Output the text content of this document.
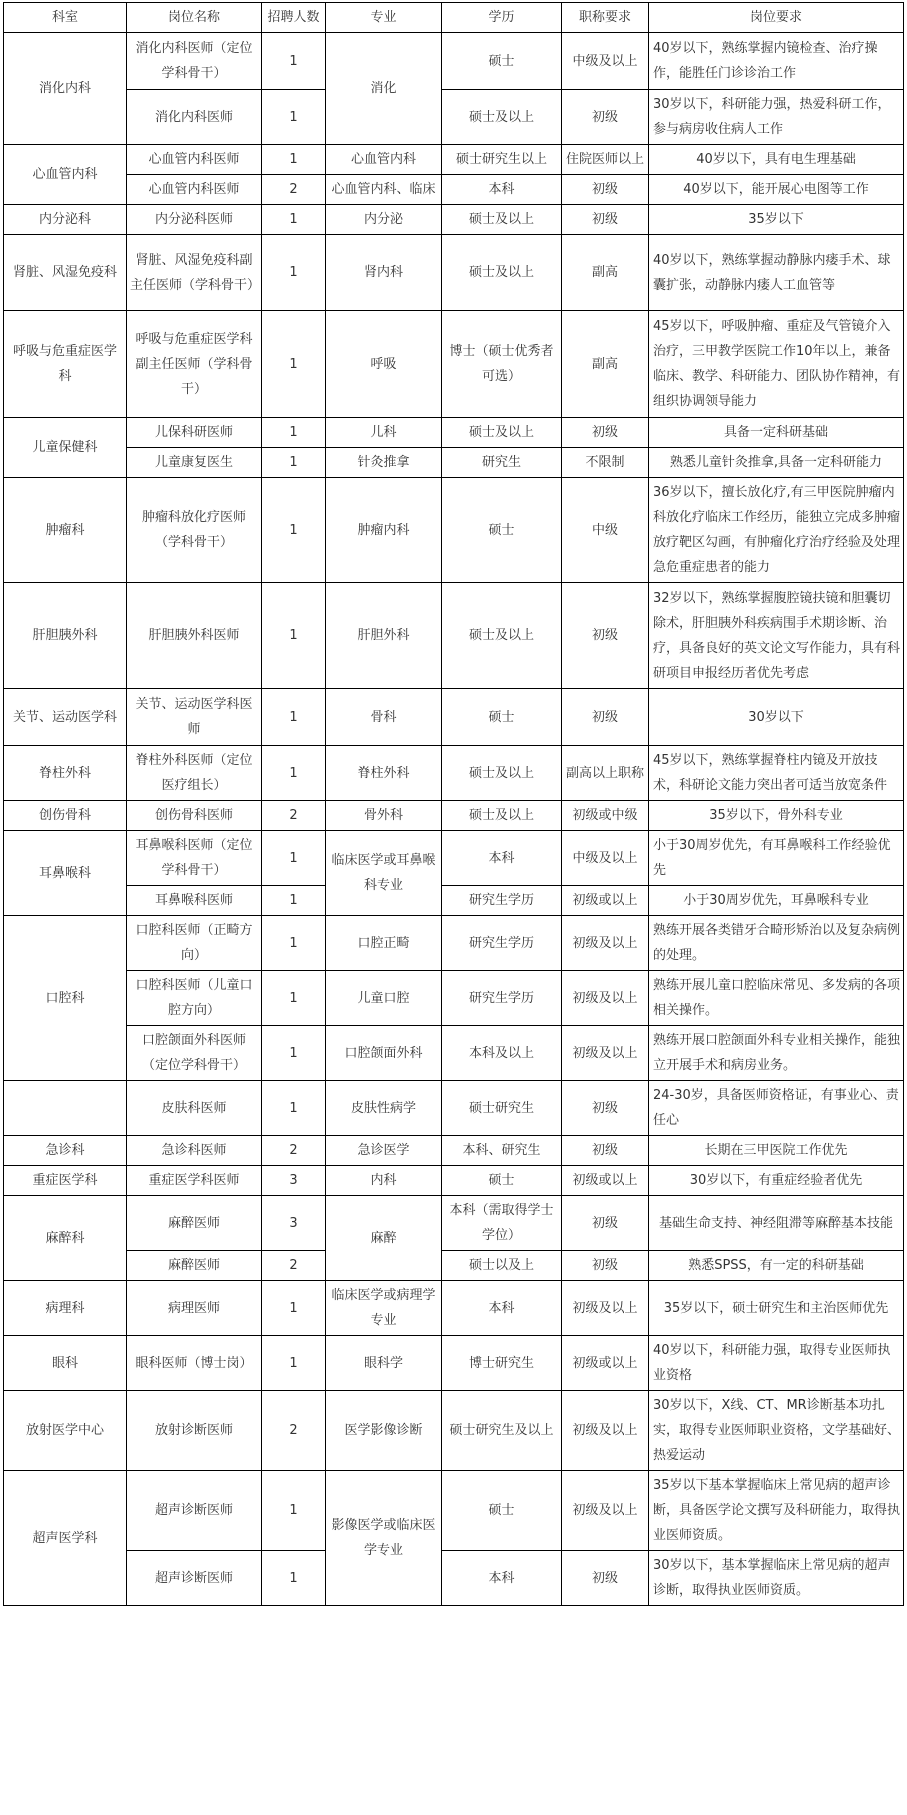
科室	岗位名称	招聘人数	专业	学历	职称要求	岗位要求
消化内科	消化内科医师（定位学科骨干）	1	消化	硕士	中级及以上	40岁以下，熟练掌握内镜检查、治疗操作，能胜任门诊诊治工作
	消化内科医师	1		硕士及以上	初级	30岁以下，科研能力强，热爱科研工作，参与病房收住病人工作
心血管内科	心血管内科医师	1	心血管内科	硕士研究生以上	住院医师以上	40岁以下，具有电生理基础
	心血管内科医师	2	心血管内科、临床	本科	初级	40岁以下，能开展心电图等工作
内分泌科	内分泌科医师	1	内分泌	硕士及以上	初级	35岁以下
肾脏、风湿免疫科	肾脏、风湿免疫科副主任医师（学科骨干）	1	肾内科	硕士及以上	副高	40岁以下，熟练掌握动静脉内瘘手术、球囊扩张，动静脉内瘘人工血管等
呼吸与危重症医学科	呼吸与危重症医学科副主任医师（学科骨干）	1	呼吸	博士（硕士优秀者可选）	副高	45岁以下，呼吸肿瘤、重症及气管镜介入治疗，三甲教学医院工作10年以上，兼备临床、教学、科研能力、团队协作精神，有组织协调领导能力
儿童保健科	儿保科研医师	1	儿科	硕士及以上	初级	具备一定科研基础
	儿童康复医生	1	针灸推拿	研究生	不限制	熟悉儿童针灸推拿,具备一定科研能力
肿瘤科	肿瘤科放化疗医师（学科骨干）	1	肿瘤内科	硕士	中级	36岁以下，擅长放化疗,有三甲医院肿瘤内科放化疗临床工作经历，能独立完成多肿瘤放疗靶区勾画，有肿瘤化疗治疗经验及处理急危重症患者的能力
肝胆胰外科	肝胆胰外科医师	1	肝胆外科	硕士及以上	初级	32岁以下，熟练掌握腹腔镜扶镜和胆囊切除术，肝胆胰外科疾病围手术期诊断、治疗，具备良好的英文论文写作能力，具有科研项目申报经历者优先考虑
关节、运动医学科	关节、运动医学科医师	1	骨科	硕士	初级	30岁以下
脊柱外科	脊柱外科医师（定位医疗组长）	1	脊柱外科	硕士及以上	副高以上职称	45岁以下，熟练掌握脊柱内镜及开放技术，科研论文能力突出者可适当放宽条件
创伤骨科	创伤骨科医师	2	骨外科	硕士及以上	初级或中级	35岁以下，骨外科专业
耳鼻喉科	耳鼻喉科医师（定位学科骨干）	1	临床医学或耳鼻喉科专业	本科	中级及以上	小于30周岁优先，有耳鼻喉科工作经验优先
	耳鼻喉科医师	1		研究生学历	初级或以上	小于30周岁优先，耳鼻喉科专业
口腔科	口腔科医师（正畸方向）	1	口腔正畸	研究生学历	初级及以上	熟练开展各类错牙合畸形矫治以及复杂病例的处理。
	口腔科医师（儿童口腔方向）	1	儿童口腔	研究生学历	初级及以上	熟练开展儿童口腔临床常见、多发病的各项相关操作。
	口腔颌面外科医师（定位学科骨干）	1	口腔颌面外科	本科及以上	初级及以上	熟练开展口腔颌面外科专业相关操作，能独立开展手术和病房业务。
	皮肤科医师	1	皮肤性病学	硕士研究生	初级	24-30岁，具备医师资格证，有事业心、责任心
急诊科	急诊科医师	2	急诊医学	本科、研究生	初级	长期在三甲医院工作优先
重症医学科	重症医学科医师	3	内科	硕士	初级或以上	30岁以下，有重症经验者优先
麻醉科	麻醉医师	3	麻醉	本科（需取得学士学位）	初级	基础生命支持、神经阻滞等麻醉基本技能
	麻醉医师	2		硕士以及上	初级	熟悉SPSS，有一定的科研基础
病理科	病理医师	1	临床医学或病理学专业	本科	初级及以上	35岁以下，硕士研究生和主治医师优先
眼科	眼科医师（博士岗）	1	眼科学	博士研究生	初级或以上	40岁以下，科研能力强，取得专业医师执业资格
放射医学中心	放射诊断医师	2	医学影像诊断	硕士研究生及以上	初级及以上	30岁以下，X线、CT、MR诊断基本功扎实，取得专业医师职业资格，文学基础好、热爱运动
超声医学科	超声诊断医师	1	影像医学或临床医学专业	硕士	初级及以上	35岁以下基本掌握临床上常见病的超声诊断，具备医学论文撰写及科研能力，取得执业医师资质。
	超声诊断医师	1		本科	初级	30岁以下，基本掌握临床上常见病的超声诊断，取得执业医师资质。
